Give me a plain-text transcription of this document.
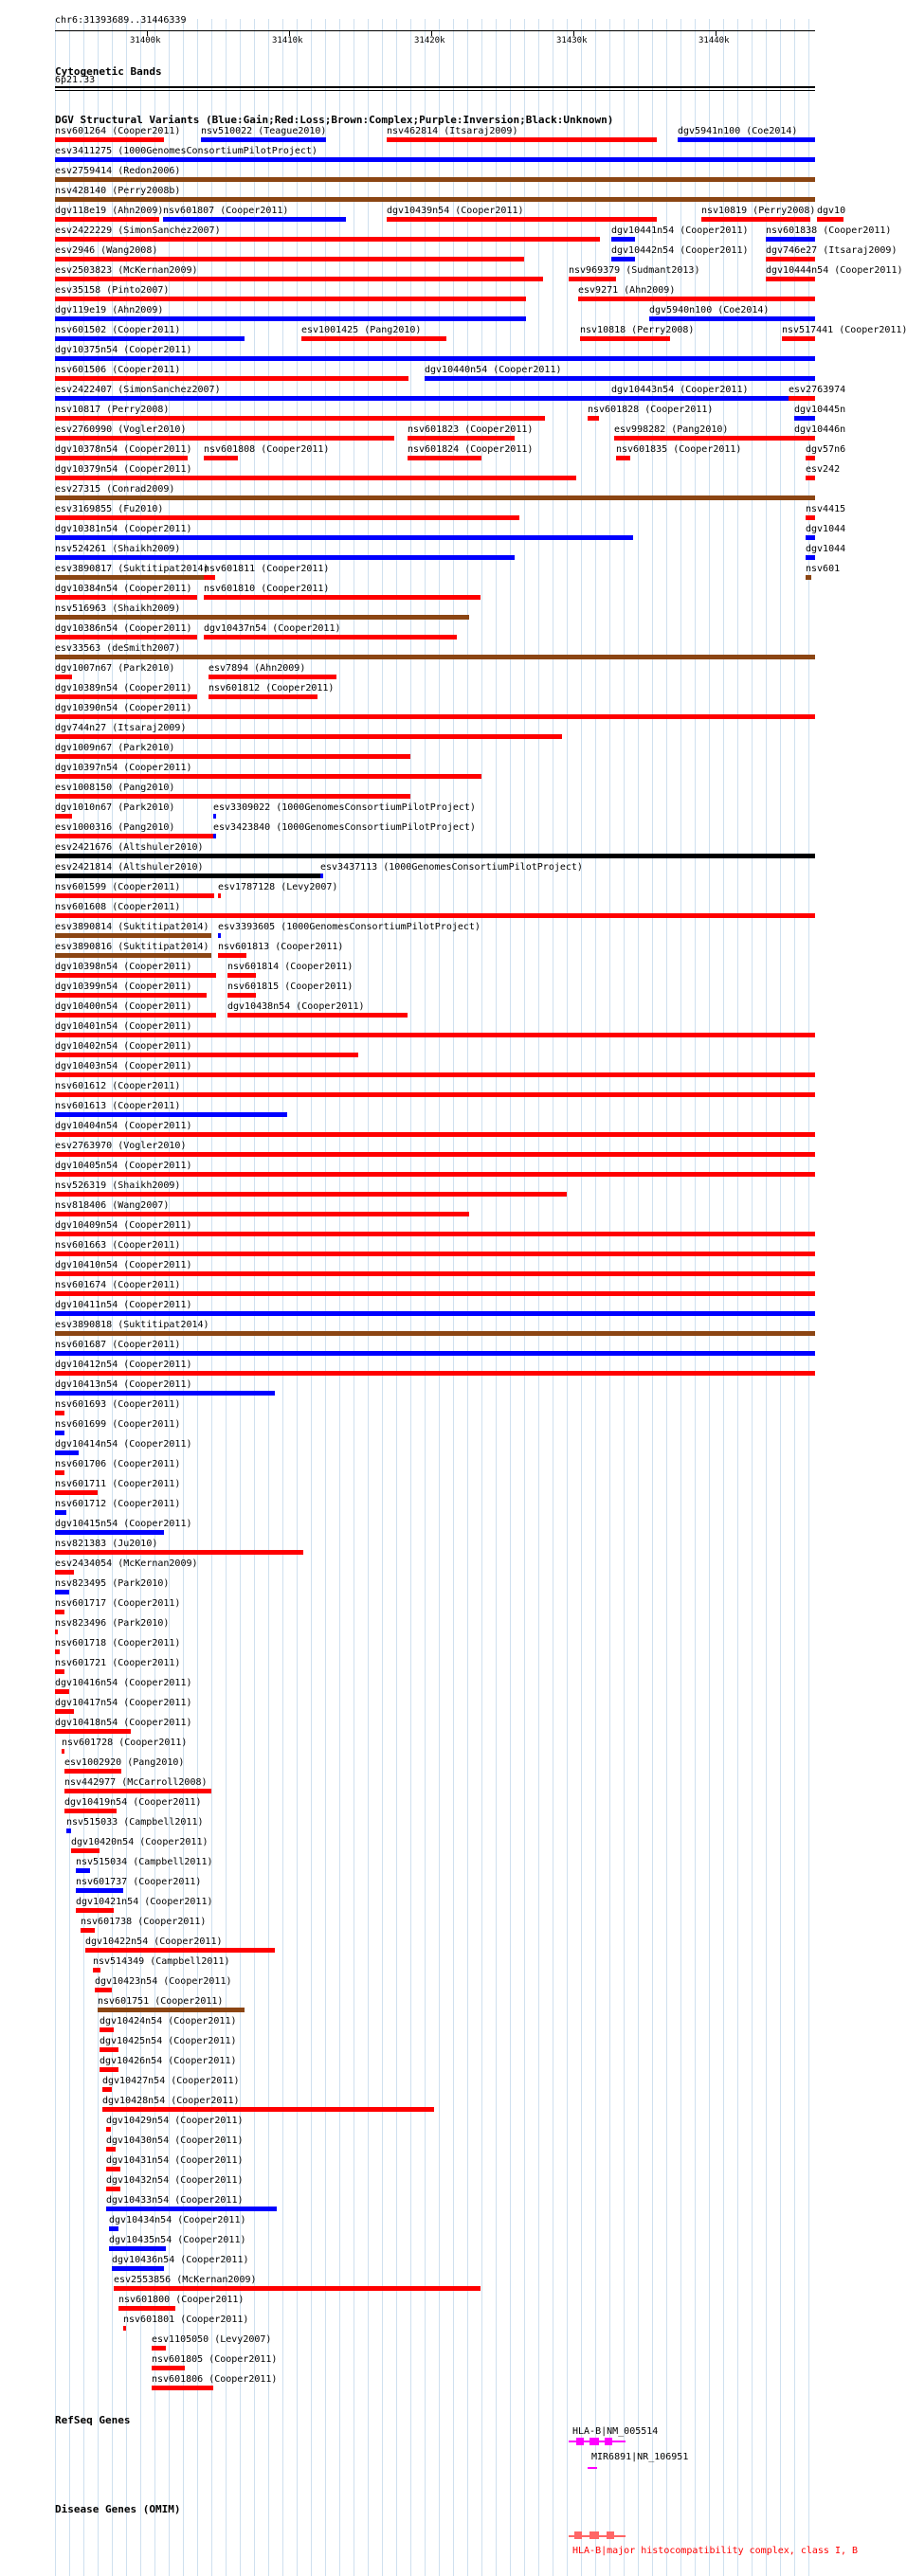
chr6:31393689..31446339
31400k	31410k	31420k	31430k	31440k
Cytogenetic Bands
6p21.33
DGV Structural Variants (Blue:Gain;Red:Loss;Brown:Complex;Purple:Inversion;Black:Unknown)
nsv601264 (Cooper2011) nsv510022 (Teague2010)	nsv462814 (Itsaraj2009)	dgv5941n100 (Coe2014)
esv3411275 (1000GenomesConsortiumPilotProject)
esv2759414 (Redon2006)
nsv428140 (Perry2008b)
dgv118e19 (Ahn2009) nsv601807 (Cooper2011)	dgv10439n54 (Cooper2011)	nsv10819 (Perry2008) dgv10
esv2422229 (SimonSanchez2007)	dgv10441n54 (Cooper2011) nsv601838 (Cooper2011)
esv2946 (Wang2008)	dgv10442n54 (Cooper2011) dgv746e27 (Itsaraj2009)
esv2503823 (McKernan2009)	nsv969379 (Sudmant2013)	dgv10444n54 (Cooper2011)
esv35158 (Pinto2007)	esv9271 (Ahn2009)
dgv119e19 (Ahn2009)	dgv5940n100 (Coe2014)
nsv601502 (Cooper2011)	esv1001425 (Pang2010)	nsv10818 (Perry2008)	nsv517441 (Cooper2011)
dgv10375n54 (Cooper2011)
nsv601506 (Cooper2011)	dgv10440n54 (Cooper2011)
esv2422407 (SimonSanchez2007)	dgv10443n54 (Cooper2011)	esv2763974
nsv10817 (Perry2008)	nsv601828 (Cooper2011)	dgv10445n
esv2760990 (Vogler2010)	nsv601823 (Cooper2011)	esv998282 (Pang2010)	dgv10446n
dgv10378n54 (Cooper2011) nsv601808 (Cooper2011)	nsv601824 (Cooper2011)	nsv601835 (Cooper2011)	dgv57n6
dgv10379n54 (Cooper2011)	esv242
esv27315 (Conrad2009)
esv3169855 (Fu2010)	nsv4415
dgv10381n54 (Cooper2011)	dgv1044
nsv524261 (Shaikh2009)	dgv1044
esv3890817 (Suktitipat2014)
nsv601811 (Cooper2011)	nsv601
dgv10384n54 (Cooper2011) nsv601810 (Cooper2011)
nsv516963 (Shaikh2009)
dgv10386n54 (Cooper2011) dgv10437n54 (Cooper2011)
esv33563 (deSmith2007)
dgv1007n67 (Park2010)	esv7894 (Ahn2009)
dgv10389n54 (Cooper2011) nsv601812 (Cooper2011)
dgv10390n54 (Cooper2011)
dgv744n27 (Itsaraj2009)
dgv1009n67 (Park2010)
dgv10397n54 (Cooper2011)
esv1008150 (Pang2010)
dgv1010n67 (Park2010)	esv3309022 (1000GenomesConsortiumPilotProject)
esv1000316 (Pang2010)	esv3423840 (1000GenomesConsortiumPilotProject)
esv2421676 (Altshuler2010)
esv2421814 (Altshuler2010)	esv3437113 (1000GenomesConsortiumPilotProject)
nsv601599 (Cooper2011)	esv1787128 (Levy2007)
nsv601608 (Cooper2011)
esv3890814 (Suktitipat2014) esv3393605 (1000GenomesConsortiumPilotProject)
esv3890816 (Suktitipat2014) nsv601813 (Cooper2011)
dgv10398n54 (Cooper2011)	nsv601814 (Cooper2011)
dgv10399n54 (Cooper2011)	nsv601815 (Cooper2011)
dgv10400n54 (Cooper2011)	dgv10438n54 (Cooper2011)
dgv10401n54 (Cooper2011)
dgv10402n54 (Cooper2011)
dgv10403n54 (Cooper2011)
nsv601612 (Cooper2011)
nsv601613 (Cooper2011)
dgv10404n54 (Cooper2011)
esv2763970 (Vogler2010)
dgv10405n54 (Cooper2011)
nsv526319 (Shaikh2009)
nsv818406 (Wang2007)
dgv10409n54 (Cooper2011)
nsv601663 (Cooper2011)
dgv10410n54 (Cooper2011)
nsv601674 (Cooper2011)
dgv10411n54 (Cooper2011)
esv3890818 (Suktitipat2014)
nsv601687 (Cooper2011)
dgv10412n54 (Cooper2011)
dgv10413n54 (Cooper2011)
nsv601693 (Cooper2011)
nsv601699 (Cooper2011)
dgv10414n54 (Cooper2011)
nsv601706 (Cooper2011)
nsv601711 (Cooper2011)
nsv601712 (Cooper2011)
dgv10415n54 (Cooper2011)
nsv821383 (Ju2010)
esv2434054 (McKernan2009)
nsv823495 (Park2010)
nsv601717 (Cooper2011)
nsv823496 (Park2010)
nsv601718 (Cooper2011)
nsv601721 (Cooper2011)
dgv10416n54 (Cooper2011)
dgv10417n54 (Cooper2011)
dgv10418n54 (Cooper2011)
nsv601728 (Cooper2011)
esv1002920 (Pang2010)
nsv442977 (McCarroll2008)
dgv10419n54 (Cooper2011)
nsv515033 (Campbell2011)
dgv10420n54 (Cooper2011)
nsv515034 (Campbell2011)
nsv601737 (Cooper2011)
dgv10421n54 (Cooper2011)
nsv601738 (Cooper2011)
dgv10422n54 (Cooper2011)
nsv514349 (Campbell2011)
dgv10423n54 (Cooper2011)
nsv601751 (Cooper2011)
dgv10424n54 (Cooper2011)
dgv10425n54 (Cooper2011)
dgv10426n54 (Cooper2011)
dgv10427n54 (Cooper2011)
dgv10428n54 (Cooper2011)
dgv10429n54 (Cooper2011)
dgv10430n54 (Cooper2011)
dgv10431n54 (Cooper2011)
dgv10432n54 (Cooper2011)
dgv10433n54 (Cooper2011)
dgv10434n54 (Cooper2011)
dgv10435n54 (Cooper2011)
dgv10436n54 (Cooper2011)
esv2553856 (McKernan2009)
nsv601800 (Cooper2011)
nsv601801 (Cooper2011)
esv1105050 (Levy2007)
nsv601805 (Cooper2011)
nsv601806 (Cooper2011)
RefSeq Genes
HLA-B|NM_005514
MIR6891|NR_106951
Disease Genes (OMIM)
HLA-B|major histocompatibility complex, class I, B
